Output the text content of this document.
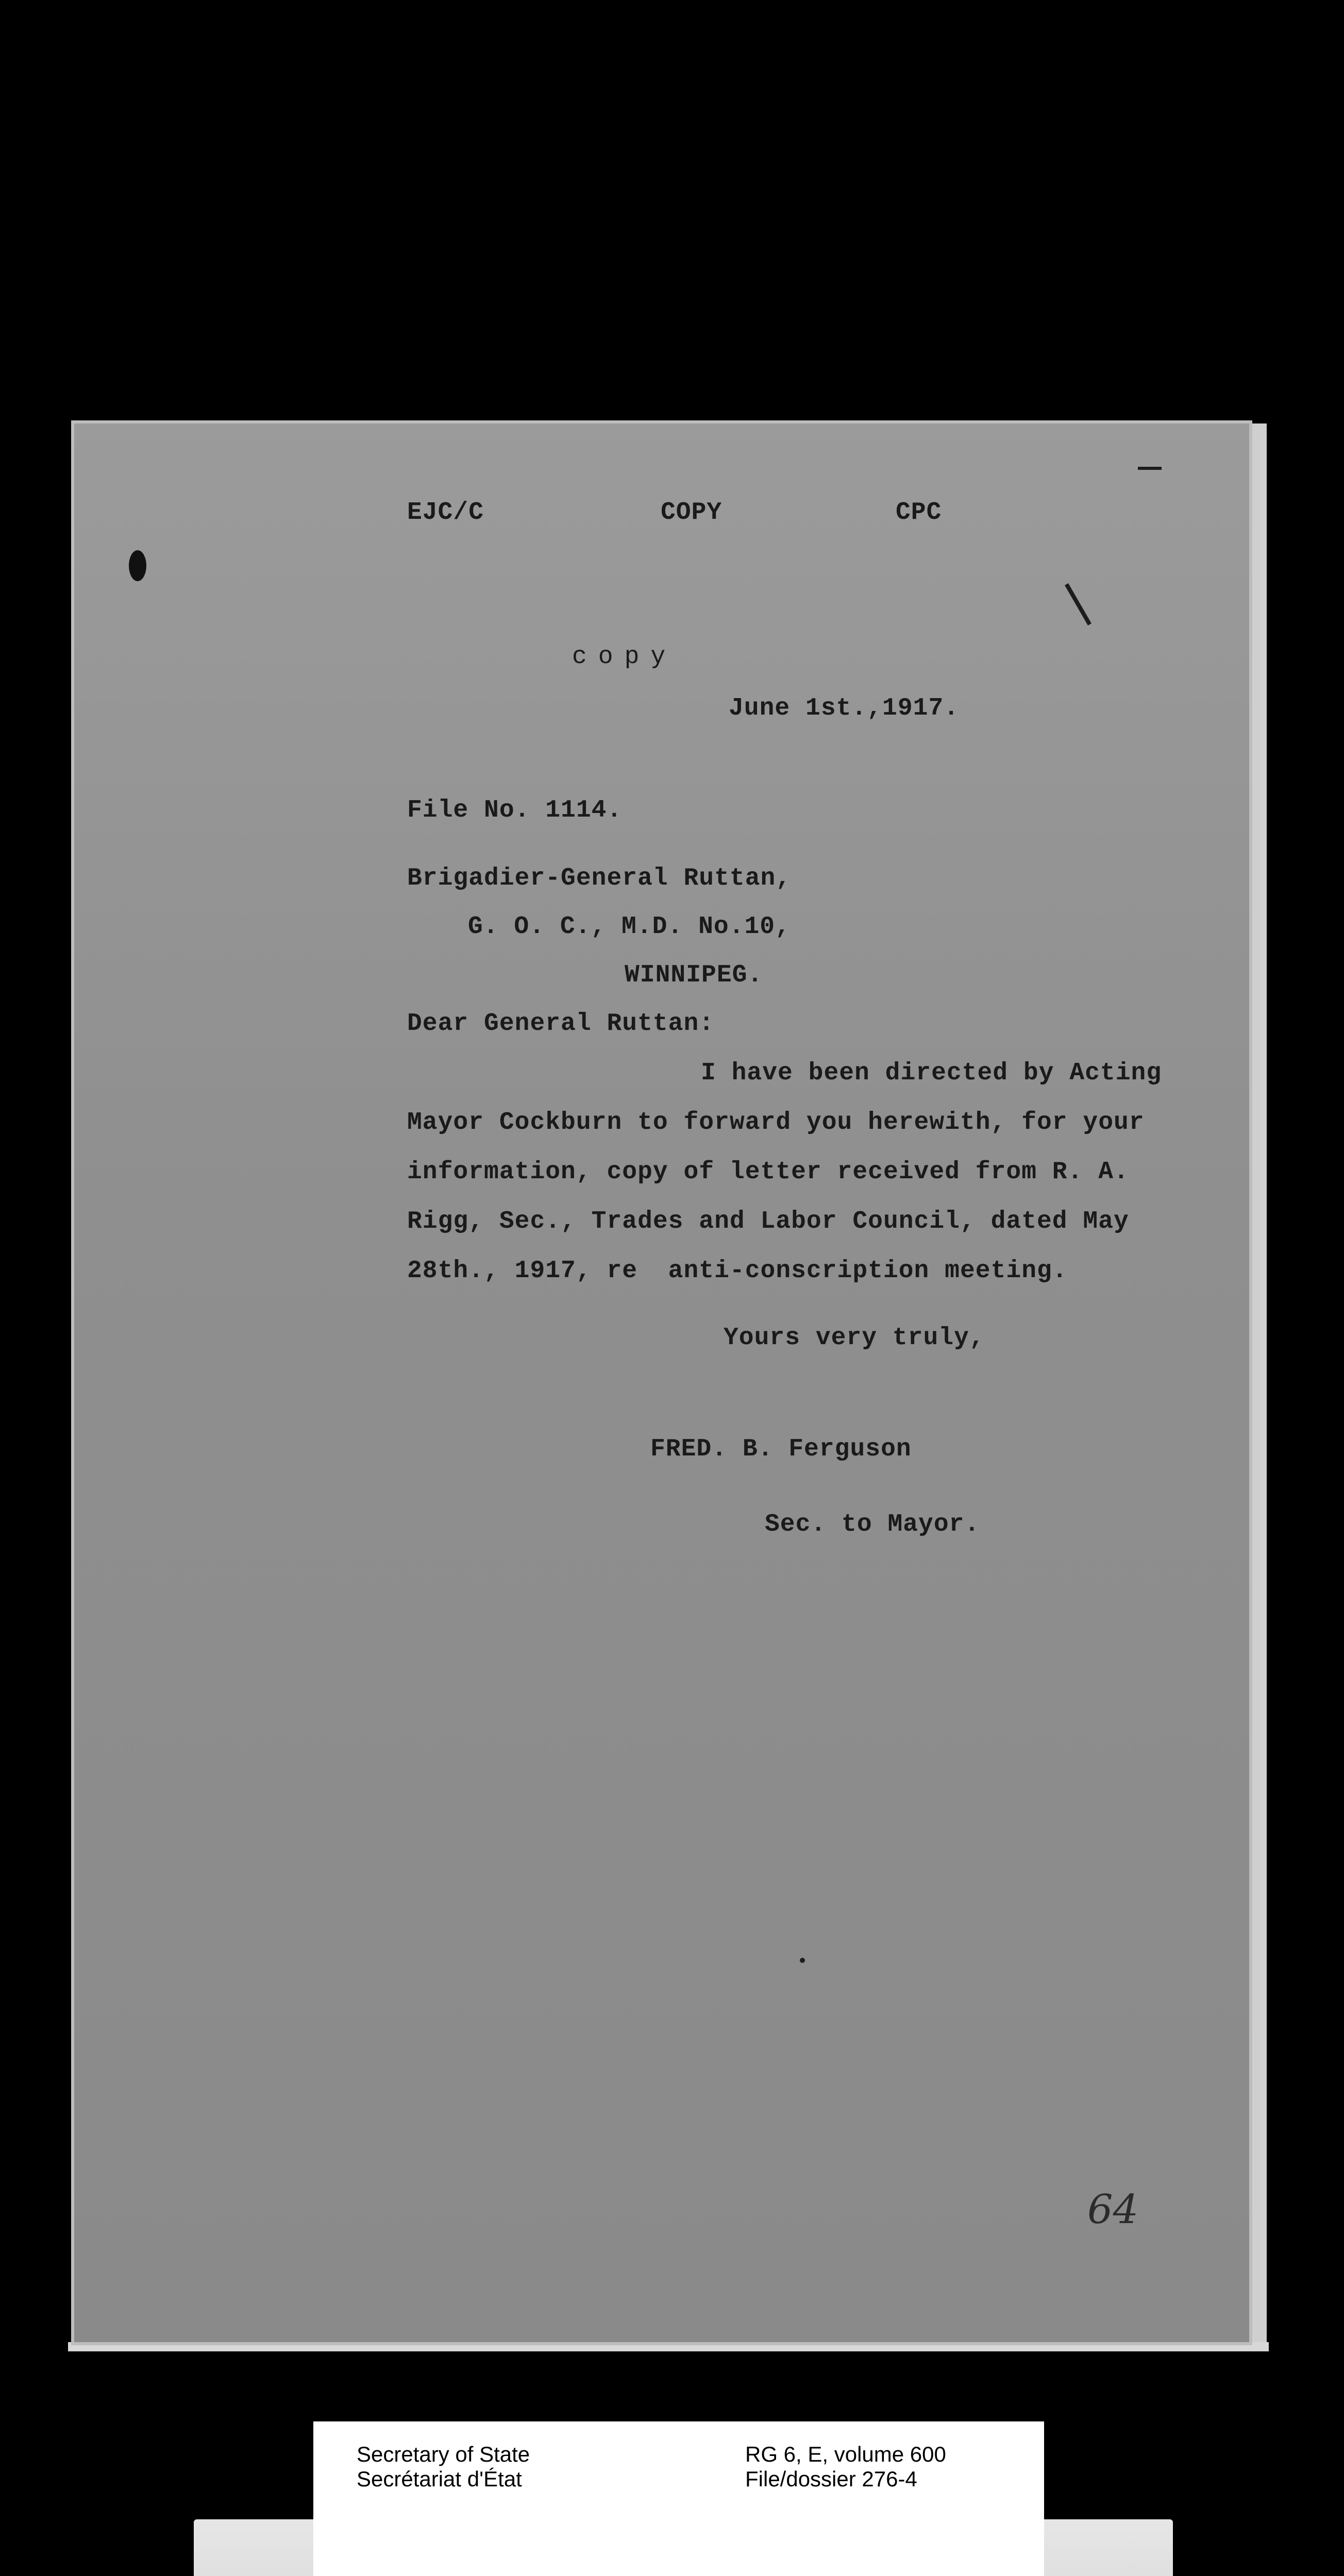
EJC/C	COPY	CPC
copy
June 1st.,1917.
File No. 1114.
Brigadier-General Ruttan,
G. O. C., M.D. No.10,
WINNIPEG.
Dear General Ruttan:
I have been directed by Acting
Mayor Cockburn to forward you herewith, for your
information, copy of letter received from R. A.
Rigg, Sec., Trades and Labor Council, dated May
28th., 1917, re  anti-conscription meeting.
Yours very truly,
FRED. B. Ferguson
Sec. to Mayor.
64
Secretary of State
Secrétariat d'État
RG 6, E, volume 600
File/dossier 276-4
